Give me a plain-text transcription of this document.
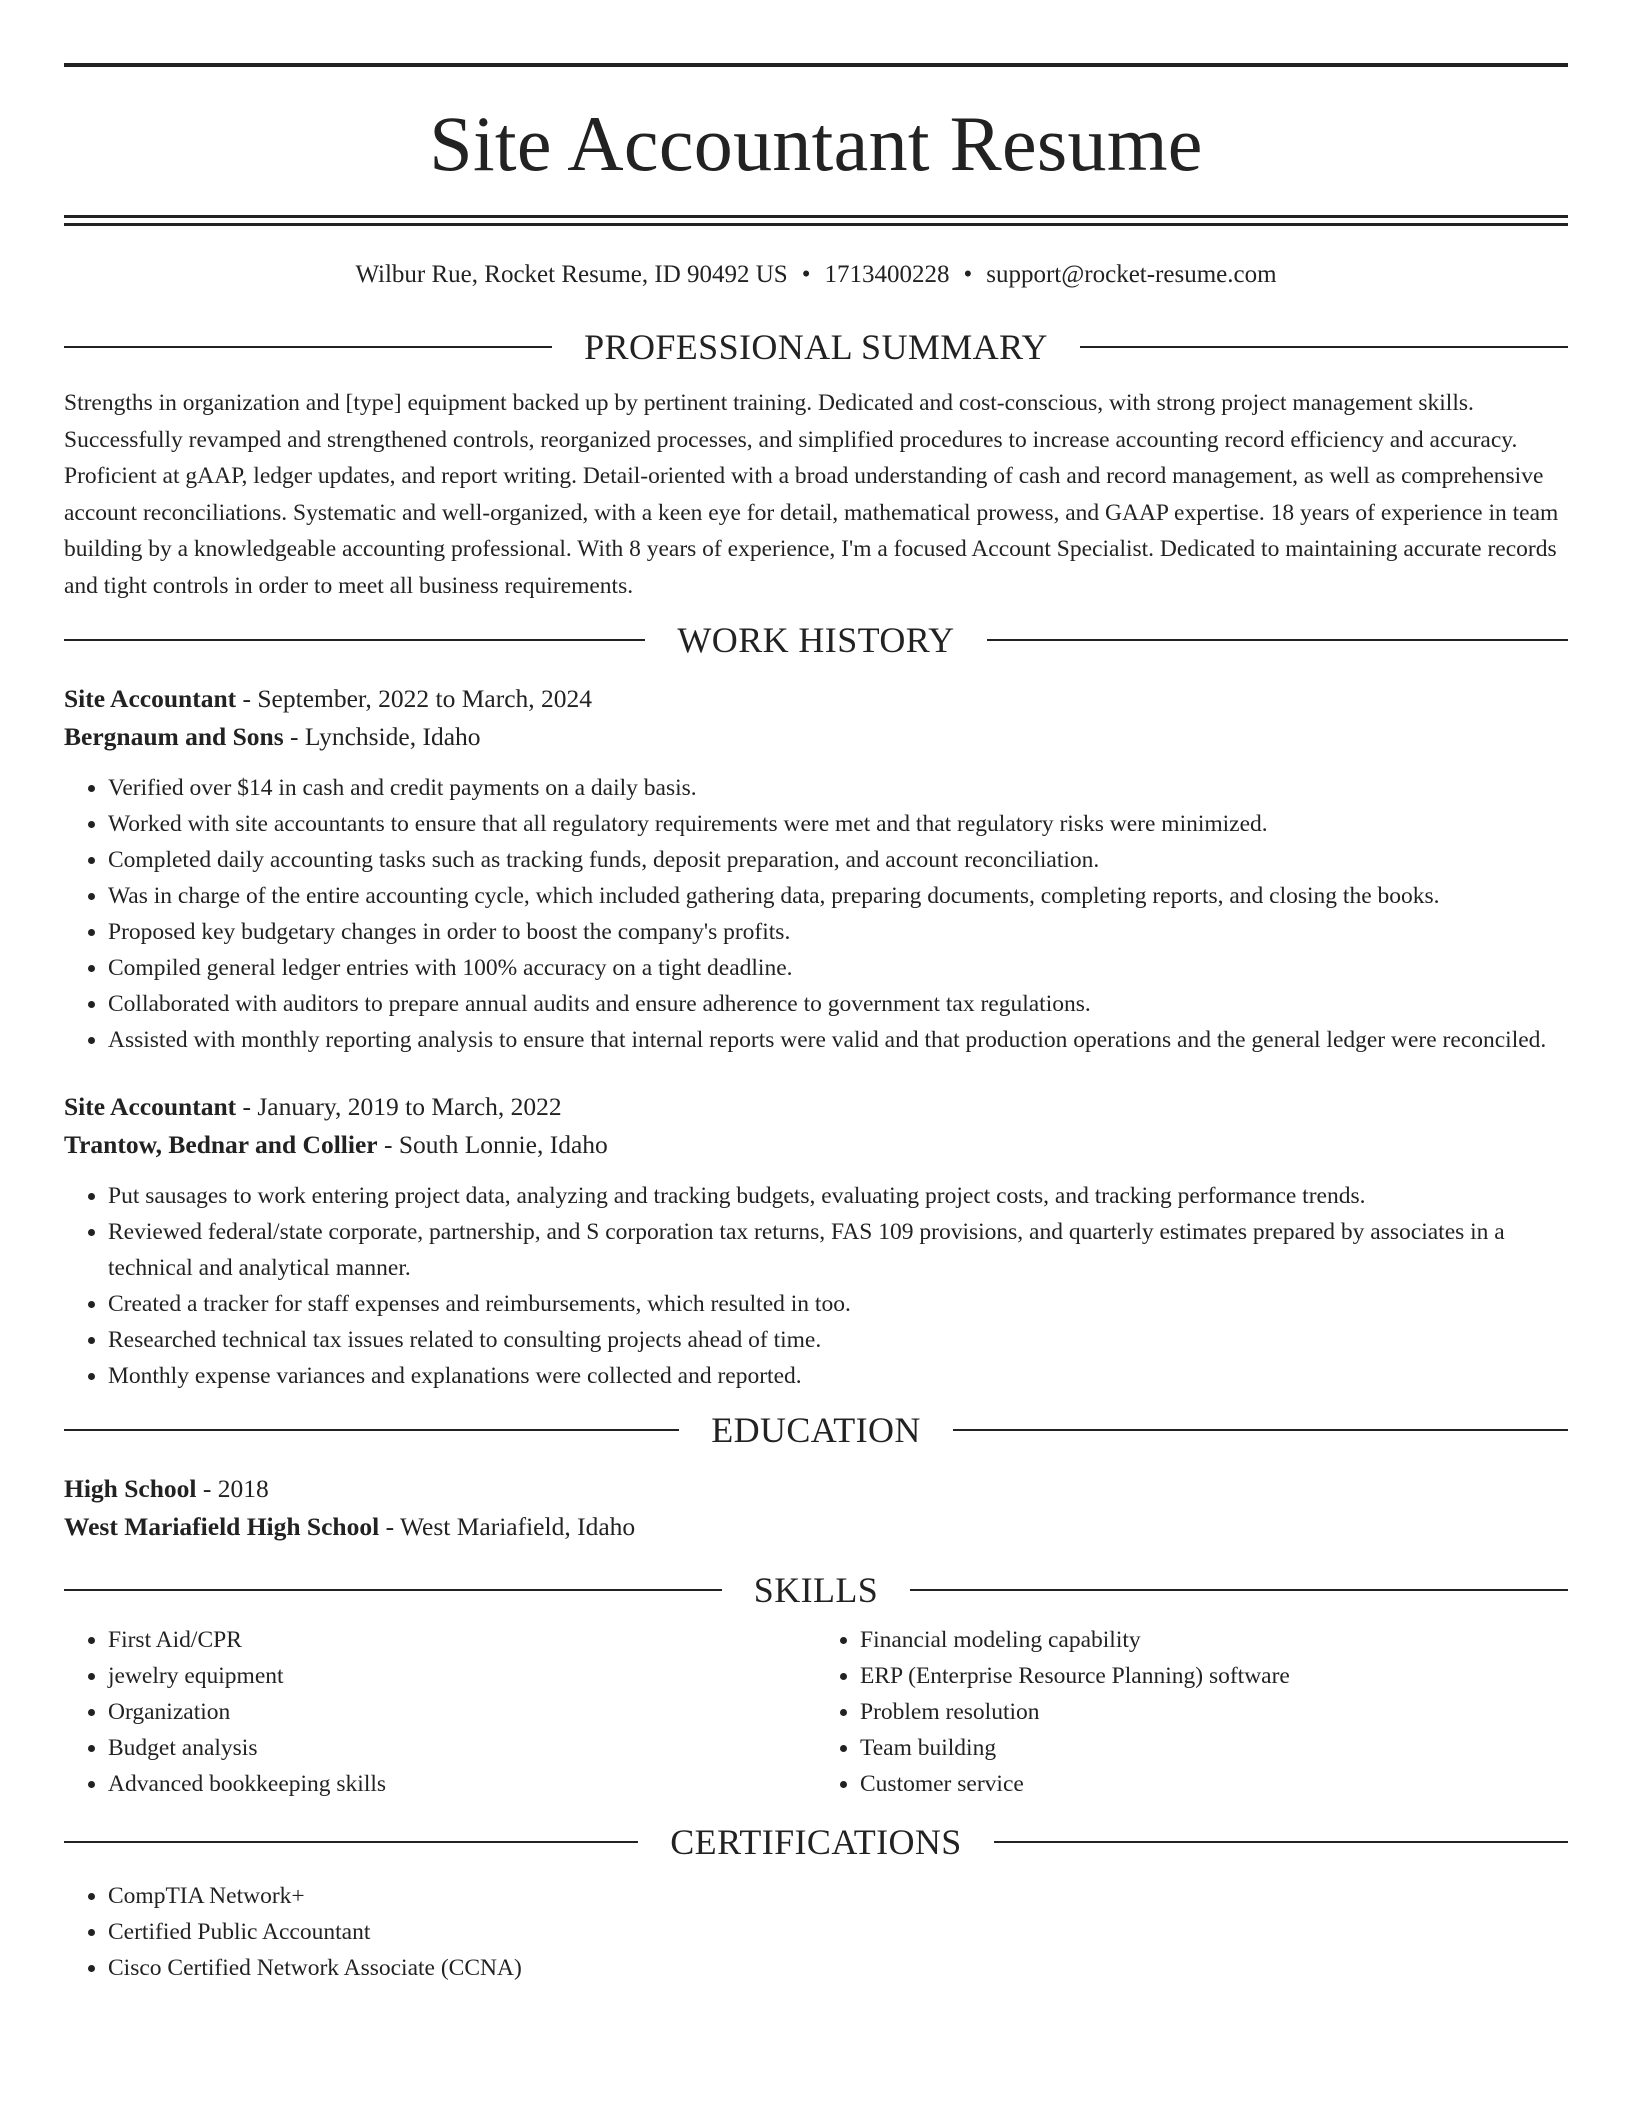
Site Accountant Resume
Wilbur Rue, Rocket Resume, ID 90492 US • 1713400228 • support@rocket-resume.com
PROFESSIONAL SUMMARY

Strengths in organization and [type] equipment backed up by pertinent training. Dedicated and cost-conscious, with strong project management skills. Successfully revamped and strengthened controls, reorganized processes, and simplified procedures to increase accounting record efficiency and accuracy. Proficient at gAAP, ledger updates, and report writing. Detail-oriented with a broad understanding of cash and record management, as well as comprehensive account reconciliations. Systematic and well-organized, with a keen eye for detail, mathematical prowess, and GAAP expertise. 18 years of experience in team building by a knowledgeable accounting professional. With 8 years of experience, I'm a focused Account Specialist. Dedicated to maintaining accurate records and tight controls in order to meet all business requirements.

WORK HISTORY
Site Accountant - September, 2022 to March, 2024
Bergnaum and Sons - Lynchside, Idaho
• Verified over $14 in cash and credit payments on a daily basis.
• Worked with site accountants to ensure that all regulatory requirements were met and that regulatory risks were minimized.
• Completed daily accounting tasks such as tracking funds, deposit preparation, and account reconciliation.
• Was in charge of the entire accounting cycle, which included gathering data, preparing documents, completing reports, and closing the books.
• Proposed key budgetary changes in order to boost the company's profits.
• Compiled general ledger entries with 100% accuracy on a tight deadline.
• Collaborated with auditors to prepare annual audits and ensure adherence to government tax regulations.
• Assisted with monthly reporting analysis to ensure that internal reports were valid and that production operations and the general ledger were reconciled.
Site Accountant - January, 2019 to March, 2022
Trantow, Bednar and Collier - South Lonnie, Idaho
• Put sausages to work entering project data, analyzing and tracking budgets, evaluating project costs, and tracking performance trends.
• Reviewed federal/state corporate, partnership, and S corporation tax returns, FAS 109 provisions, and quarterly estimates prepared by associates in a technical and analytical manner.
• Created a tracker for staff expenses and reimbursements, which resulted in too.
• Researched technical tax issues related to consulting projects ahead of time.
• Monthly expense variances and explanations were collected and reported.
EDUCATION
High School - 2018
West Mariafield High School - West Mariafield, Idaho
SKILLS
• First Aid/CPR
• jewelry equipment
• Organization
• Budget analysis
• Advanced bookkeeping skills
• Financial modeling capability
• ERP (Enterprise Resource Planning) software
• Problem resolution
• Team building
• Customer service
CERTIFICATIONS
• CompTIA Network+
• Certified Public Accountant
• Cisco Certified Network Associate (CCNA)
